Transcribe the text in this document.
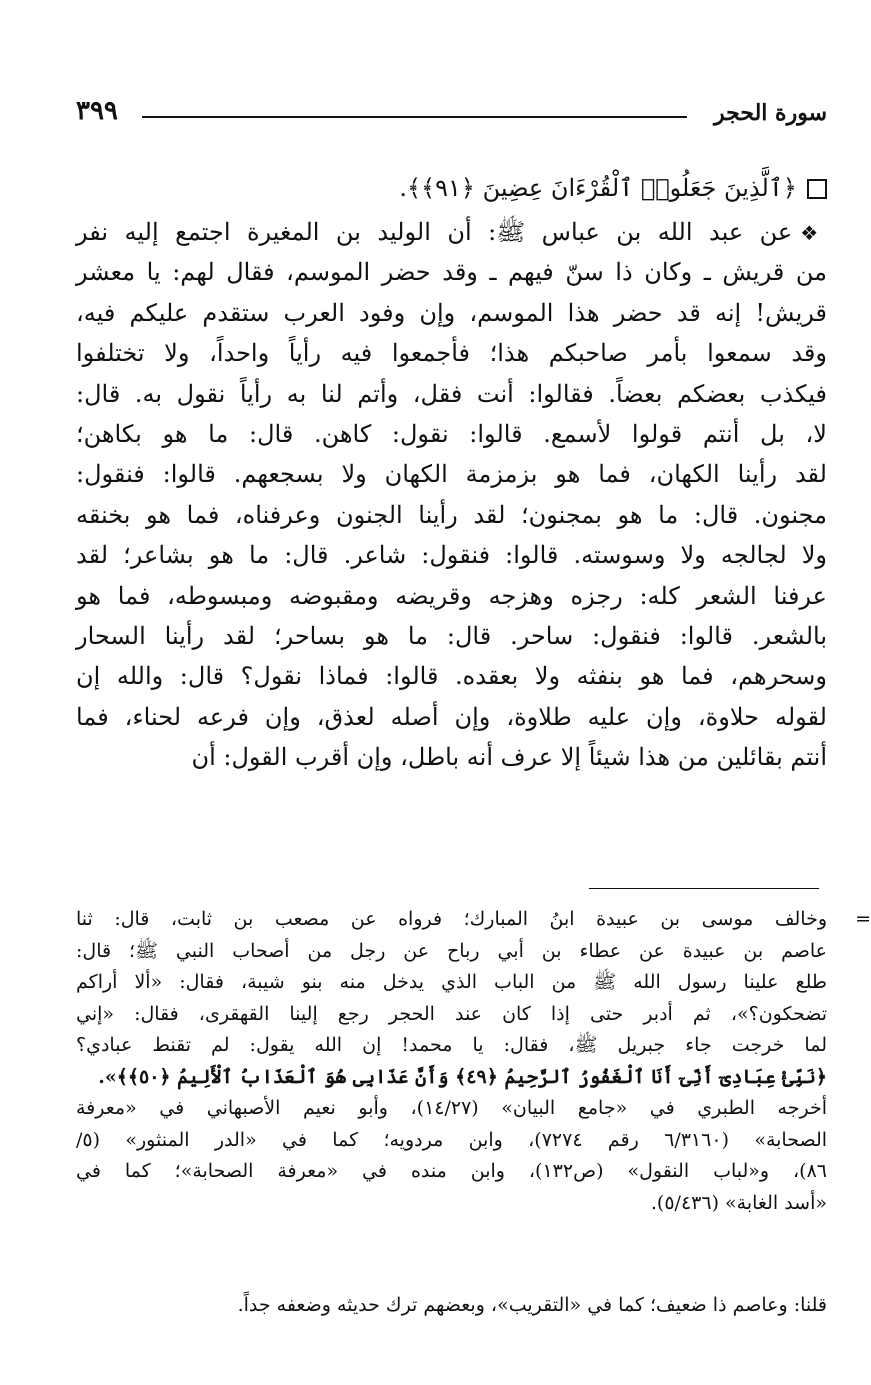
سورة الحجر
٣٩٩
﴿ٱلَّذِينَ جَعَلُوا۟ ٱلْقُرْءَانَ عِضِينَ ﴿٩١﴾﴾.
❖عن عبد الله بن عباس ﷺ: أن الوليد بن المغيرة اجتمع إليه نفر
من قريش ـ وكان ذا سنّ فيهم ـ وقد حضر الموسم، فقال لهم: يا معشر
قريش! إنه قد حضر هذا الموسم، وإن وفود العرب ستقدم عليكم فيه،
وقد سمعوا بأمر صاحبكم هذا؛ فأجمعوا فيه رأياً واحداً، ولا تختلفوا
فيكذب بعضكم بعضاً. فقالوا: أنت فقل، وأتم لنا به رأياً نقول به. قال:
لا، بل أنتم قولوا لأسمع. قالوا: نقول: كاهن. قال: ما هو بكاهن؛
لقد رأينا الكهان، فما هو بزمزمة الكهان ولا بسجعهم. قالوا: فنقول:
مجنون. قال: ما هو بمجنون؛ لقد رأينا الجنون وعرفناه، فما هو بخنقه
ولا لجالجه ولا وسوسته. قالوا: فنقول: شاعر. قال: ما هو بشاعر؛ لقد
عرفنا الشعر كله: رجزه وهزجه وقريضه ومقبوضه ومبسوطه، فما هو
بالشعر. قالوا: فنقول: ساحر. قال: ما هو بساحر؛ لقد رأينا السحار
وسحرهم، فما هو بنفثه ولا بعقده. قالوا: فماذا نقول؟ قال: والله إن
لقوله حلاوة، وإن عليه طلاوة، وإن أصله لعذق، وإن فرعه لحناء، فما
أنتم بقائلين من هذا شيئاً إلا عرف أنه باطل، وإن أقرب القول: أن
=
وخالف موسى بن عبيدة ابنُ المبارك؛ فرواه عن مصعب بن ثابت، قال: ثنا
عاصم بن عبيدة عن عطاء بن أبي رباح عن رجل من أصحاب النبي ﷺ؛ قال:
طلع علينا رسول الله ﷺ من الباب الذي يدخل منه بنو شيبة، فقال: «ألا أراكم
تضحكون؟»، ثم أدبر حتى إذا كان عند الحجر رجع إلينا القهقرى، فقال: «إني
لما خرجت جاء جبريل ﷺ، فقال: يا محمد! إن الله يقول: لم تقنط عبادي؟
﴿نَبِّئْ عِبَادِىٓ أَنِّىٓ أَنَا ٱلْغَفُورُ ٱلرَّحِيمُ ﴿٤٩﴾ وَأَنَّ عَذَابِى هُوَ ٱلْعَذَابُ ٱلْأَلِيمُ ﴿٥٠﴾﴾».
أخرجه الطبري في «جامع البيان» (١٤/٢٧)، وأبو نعيم الأصبهاني في «معرفة
الصحابة» (٦/٣١٦٠ رقم ٧٢٧٤)، وابن مردويه؛ كما في «الدر المنثور» (٥/
٨٦)، و«لباب النقول» (ص١٣٢)، وابن منده في «معرفة الصحابة»؛ كما في
«أسد الغابة» (٥/٤٣٦).
قلنا: وعاصم ذا ضعيف؛ كما في «التقريب»، وبعضهم ترك حديثه وضعفه جداً.
